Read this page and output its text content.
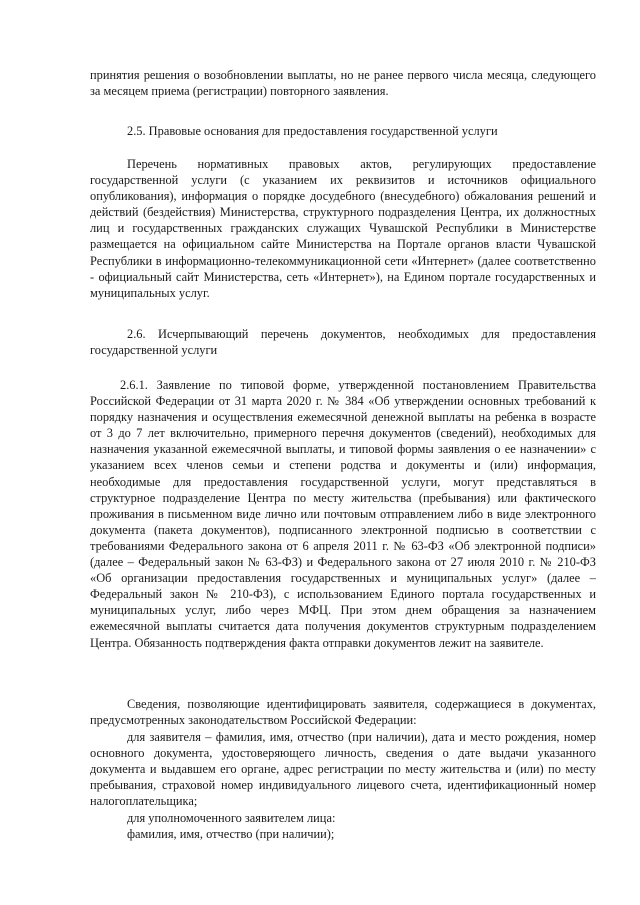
принятия решения о возобновлении выплаты, но не ранее первого числа месяца, следующего за месяцем приема (регистрации) повторного заявления.

2.5. Правовые основания для предоставления государственной услуги

Перечень нормативных правовых актов, регулирующих предоставление государственной услуги (с указанием их реквизитов и источников официального опубликования), информация о порядке досудебного (внесудебного) обжалования решений и действий (бездействия) Министерства, структурного подразделения Центра, их должностных лиц и государственных гражданских служащих Чувашской Республики в Министерстве размещается на официальном сайте Министерства на Портале органов власти Чувашской Республики в информационно-телекоммуникационной сети «Интернет» (далее соответственно - официальный сайт Министерства, сеть «Интернет»), на Едином портале государственных и муниципальных услуг.

2.6. Исчерпывающий перечень документов, необходимых для предоставления государственной услуги

2.6.1. Заявление по типовой форме, утвержденной постановлением Правительства Российской Федерации от 31 марта 2020 г. № 384 «Об утверждении основных требований к порядку назначения и осуществления ежемесячной денежной выплаты на ребенка в возрасте от 3 до 7 лет включительно, примерного перечня документов (сведений), необходимых для назначения указанной ежемесячной выплаты, и типовой формы заявления о ее назначении» с указанием всех членов семьи и степени родства и документы и (или) информация, необходимые для предоставления государственной услуги, могут представляться в структурное подразделение Центра по месту жительства (пребывания) или фактического проживания в письменном виде лично или почтовым отправлением либо в виде электронного документа (пакета документов), подписанного электронной подписью в соответствии с требованиями Федерального закона от 6 апреля 2011 г. № 63-ФЗ «Об электронной подписи» (далее – Федеральный закон № 63-ФЗ) и Федерального закона от 27 июля 2010 г. № 210-ФЗ «Об организации предоставления государственных и муниципальных услуг» (далее – Федеральный закон № 210-ФЗ), с использованием Единого портала государственных и муниципальных услуг, либо через МФЦ. При этом днем обращения за назначением ежемесячной выплаты считается дата получения документов структурным подразделением Центра. Обязанность подтверждения факта отправки документов лежит на заявителе.

Сведения, позволяющие идентифицировать заявителя, содержащиеся в документах, предусмотренных законодательством Российской Федерации:

для заявителя – фамилия, имя, отчество (при наличии), дата и место рождения, номер основного документа, удостоверяющего личность, сведения о дате выдачи указанного документа и выдавшем его органе, адрес регистрации по месту жительства и (или) по месту пребывания, страховой номер индивидуального лицевого счета, идентификационный номер налогоплательщика;

для уполномоченного заявителем лица:

фамилия, имя, отчество (при наличии);
